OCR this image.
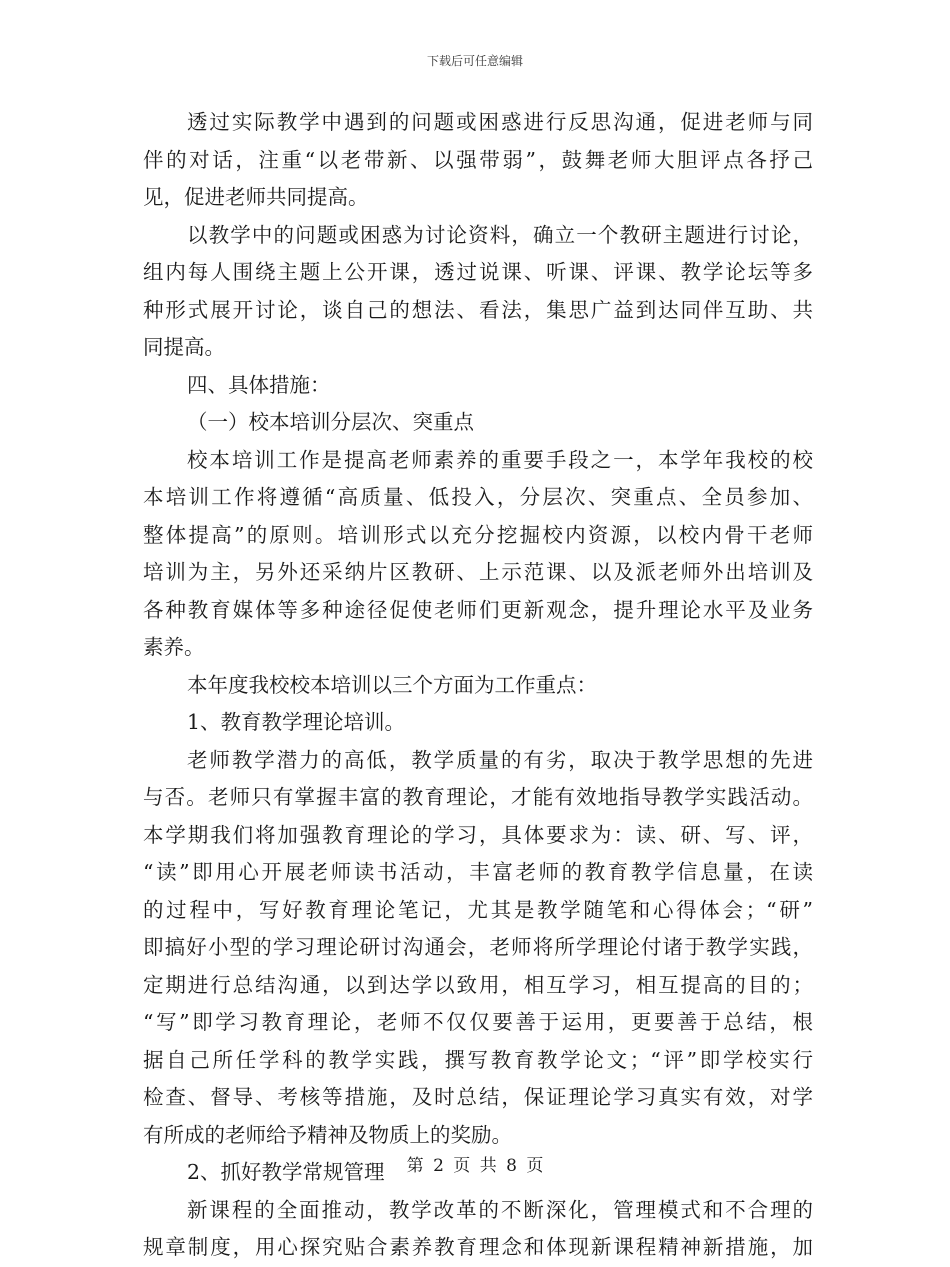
下载后可任意编辑
透过实际教学中遇到的问题或困惑进行反思沟通，促进老师与同
伴的对话，注重“以老带新、以强带弱”，鼓舞老师大胆评点各抒己
见，促进老师共同提高。
以教学中的问题或困惑为讨论资料，确立一个教研主题进行讨论，
组内每人围绕主题上公开课，透过说课、听课、评课、教学论坛等多
种形式展开讨论，谈自己的想法、看法，集思广益到达同伴互助、共
同提高。
四、具体措施：
（一）校本培训分层次、突重点
校本培训工作是提高老师素养的重要手段之一，本学年我校的校
本培训工作将遵循“高质量、低投入，分层次、突重点、全员参加、
整体提高”的原则。培训形式以充分挖掘校内资源，以校内骨干老师
培训为主，另外还采纳片区教研、上示范课、以及派老师外出培训及
各种教育媒体等多种途径促使老师们更新观念，提升理论水平及业务
素养。
本年度我校校本培训以三个方面为工作重点：
1、教育教学理论培训。
老师教学潜力的高低，教学质量的有劣，取决于教学思想的先进
与否。老师只有掌握丰富的教育理论，才能有效地指导教学实践活动。
本学期我们将加强教育理论的学习，具体要求为：读、研、写、评，
“读”即用心开展老师读书活动，丰富老师的教育教学信息量，在读
的过程中，写好教育理论笔记，尤其是教学随笔和心得体会；“研”
即搞好小型的学习理论研讨沟通会，老师将所学理论付诸于教学实践，
定期进行总结沟通，以到达学以致用，相互学习，相互提高的目的；
“写”即学习教育理论，老师不仅仅要善于运用，更要善于总结，根
据自己所任学科的教学实践，撰写教育教学论文；“评”即学校实行
检查、督导、考核等措施，及时总结，保证理论学习真实有效，对学
有所成的老师给予精神及物质上的奖励。
2、抓好教学常规管理
新课程的全面推动，教学改革的不断深化，管理模式和不合理的
规章制度，用心探究贴合素养教育理念和体现新课程精神新措施，加
第 2 页 共 8 页
